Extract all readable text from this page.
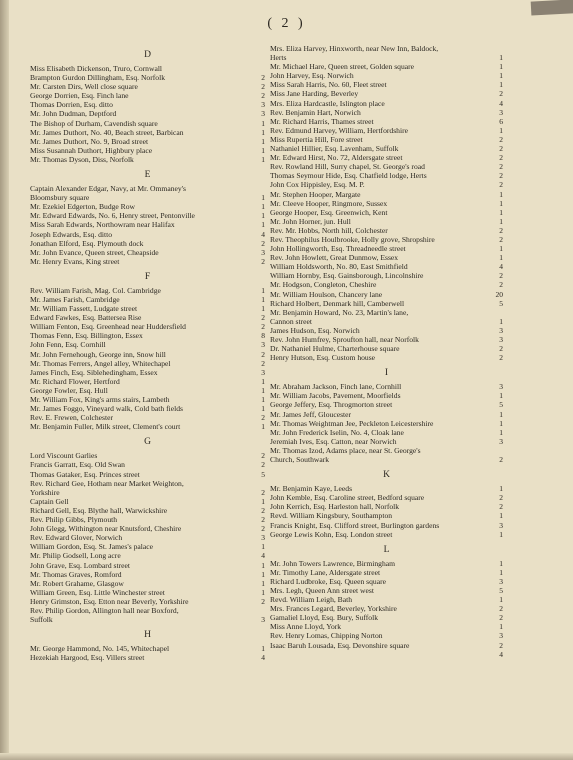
( 2 )
D
Miss Elisabeth Dickenson, Truro, Cornwall
Brampton Gurdon Dillingham, Esq. Norfolk	2
Mr. Carsten Dirs, Well close square	2
George Dorrien, Esq. Finch lane	2
Thomas Dorrien, Esq. ditto	3
Mr. John Dudman, Deptford	3
The Bishop of Durham, Cavendish square	1
Mr. James Duthort, No. 40, Beach street, Barbican	1
Mr. James Duthort, No. 9, Broad street	1
Miss Susannah Duthort, Highbury place	1
Mr. Thomas Dyson, Diss, Norfolk	1
E
Captain Alexander Edgar, Navy, at Mr. Ommaney's
Bloomsbury square	1
Mr. Ezekiel Edgerton, Budge Row	1
Mr. Edward Edwards, No. 6, Henry street, Pentonville	1
Miss Sarah Edwards, Northowram near Halifax	1
Joseph Edwards, Esq. ditto	4
Jonathan Elford, Esq. Plymouth dock	2
Mr. John Evance, Queen street, Cheapside	3
Mr. Henry Evans, King street	2
F
Rev. William Farish, Mag. Col. Cambridge	1
Mr. James Farish, Cambridge	1
Mr. William Fassett, Ludgate street	1
Edward Fawkes, Esq. Battersea Rise	2
William Fenton, Esq. Greenhead near Huddersfield	2
Thomas Fenn, Esq. Billington, Essex	8
John Fenn, Esq. Cornhill	3
Mr. John Fernehough, George inn, Snow hill	2
Mr. Thomas Ferrers, Angel alley, Whitechapel	2
James Finch, Esq. Siblehedingham, Essex	3
Mr. Richard Flower, Hertford	1
George Fowler, Esq. Hull	1
Mr. William Fox, King's arms stairs, Lambeth	1
Mr. James Foggo, Vineyard walk, Cold bath fields	1
Rev. E. Frewen, Colchester	2
Mr. Benjamin Fuller, Milk street, Clement's court	1
G
Lord Viscount Garlies	2
Francis Garratt, Esq. Old Swan	2
Thomas Gataker, Esq. Princes street	5
Rev. Richard Gee, Hotham near Market Weighton,
Yorkshire	2
Captain Gell	1
Richard Gell, Esq. Blythe hall, Warwickshire	2
Rev. Philip Gibbs, Plymouth	2
John Glegg, Withington near Knutsford, Cheshire	2
Rev. Edward Glover, Norwich	3
William Gordon, Esq. St. James's palace	1
Mr. Philip Godsell, Long acre	4
John Grave, Esq. Lombard street	1
Mr. Thomas Graves, Romford	1
Mr. Robert Grahame, Glasgow	1
William Green, Esq. Little Winchester street	1
Henry Grimston, Esq. Etton near Beverly, Yorkshire	2
Rev. Philip Gordon, Allington hall near Boxford,
Suffolk	3
H
Mr. George Hammond, No. 145, Whitechapel	1
Hezekiah Hargood, Esq. Villers street	4
Mrs. Eliza Harvey, Hinxworth, near New Inn, Baldock,
Herts	1
Mr. Michael Hare, Queen street, Golden square	1
John Harvey, Esq. Norwich	1
Miss Sarah Harris, No. 60, Fleet street	1
Miss Jane Harding, Beverley	2
Mrs. Eliza Hardcastle, Islington place	4
Rev. Benjamin Hart, Norwich	3
Mr. Richard Harris, Thames street	6
Rev. Edmund Harvey, William, Hertfordshire	1
Miss Rupertia Hill, Fore street	2
Nathaniel Hillier, Esq. Lavenham, Suffolk	2
Mr. Edward Hirst, No. 72, Aldersgate street	2
Rev. Rowland Hill, Surry chapel, St. George's road	2
Thomas Seymour Hide, Esq. Chatfield lodge, Herts	2
John Cox Hippisley, Esq. M. P.	2
Mr. Stephen Hooper, Margate	1
Mr. Cleeve Hooper, Ringmore, Sussex	1
George Hooper, Esq. Greenwich, Kent	1
Mr. John Horner, jun. Hull	1
Rev. Mr. Hobbs, North hill, Colchester	2
Rev. Theophilus Houlbrooke, Holly grove, Shropshire	2
John Hollingworth, Esq. Threadneedle street	1
Rev. John Howlett, Great Dunmow, Essex	1
William Holdsworth, No. 80, East Smithfield	4
William Hornby, Esq. Gainsborough, Lincolnshire	2
Mr. Hodgson, Congleton, Cheshire	2
Mr. William Houlson, Chancery lane	20
Richard Holbert, Denmark hill, Camberwell	5
Mr. Benjamin Howard, No. 23, Martin's lane,
Cannon street	1
James Hudson, Esq. Norwich	3
Rev. John Humfrey, Sproufton hall, near Norfolk	3
Dr. Nathaniel Hulme, Charterhouse square	2
Henry Hutson, Esq. Custom house	2
I
Mr. Abraham Jackson, Finch lane, Cornhill	3
Mr. William Jacobs, Pavement, Moorfields	1
George Jeffery, Esq. Throgmorton street	5
Mr. James Jeff, Gloucester	1
Mr. Thomas Weightman Jee, Peckleton Leicestershire	1
Mr. John Frederick Iselin, No. 4, Cloak lane	1
Jeremiah Ives, Esq. Catton, near Norwich	3
Mr. Thomas Izod, Adams place, near St. George's
Church, Southwark	2
K
Mr. Benjamin Kaye, Leeds	1
John Kemble, Esq. Caroline street, Bedford square	2
John Kerrich, Esq. Harleston hall, Norfolk	2
Revd. William Kingsbury, Southampton	1
Francis Knight, Esq. Clifford street, Burlington gardens	3
George Lewis Kohn, Esq. London street	1
L
Mr. John Towers Lawrence, Birmingham	1
Mr. Timothy Lane, Aldersgate street	1
Richard Ludbroke, Esq. Queen square	3
Mrs. Legh, Queen Ann street west	5
Revd. William Leigh, Bath	1
Mrs. Frances Legard, Beverley, Yorkshire	2
Gamaliel Lloyd, Esq. Bury, Suffolk	2
Miss Anne Lloyd, York	1
Rev. Henry Lomas, Chipping Norton	3
Isaac Baruh Lousada, Esq. Devonshire square	2
4
